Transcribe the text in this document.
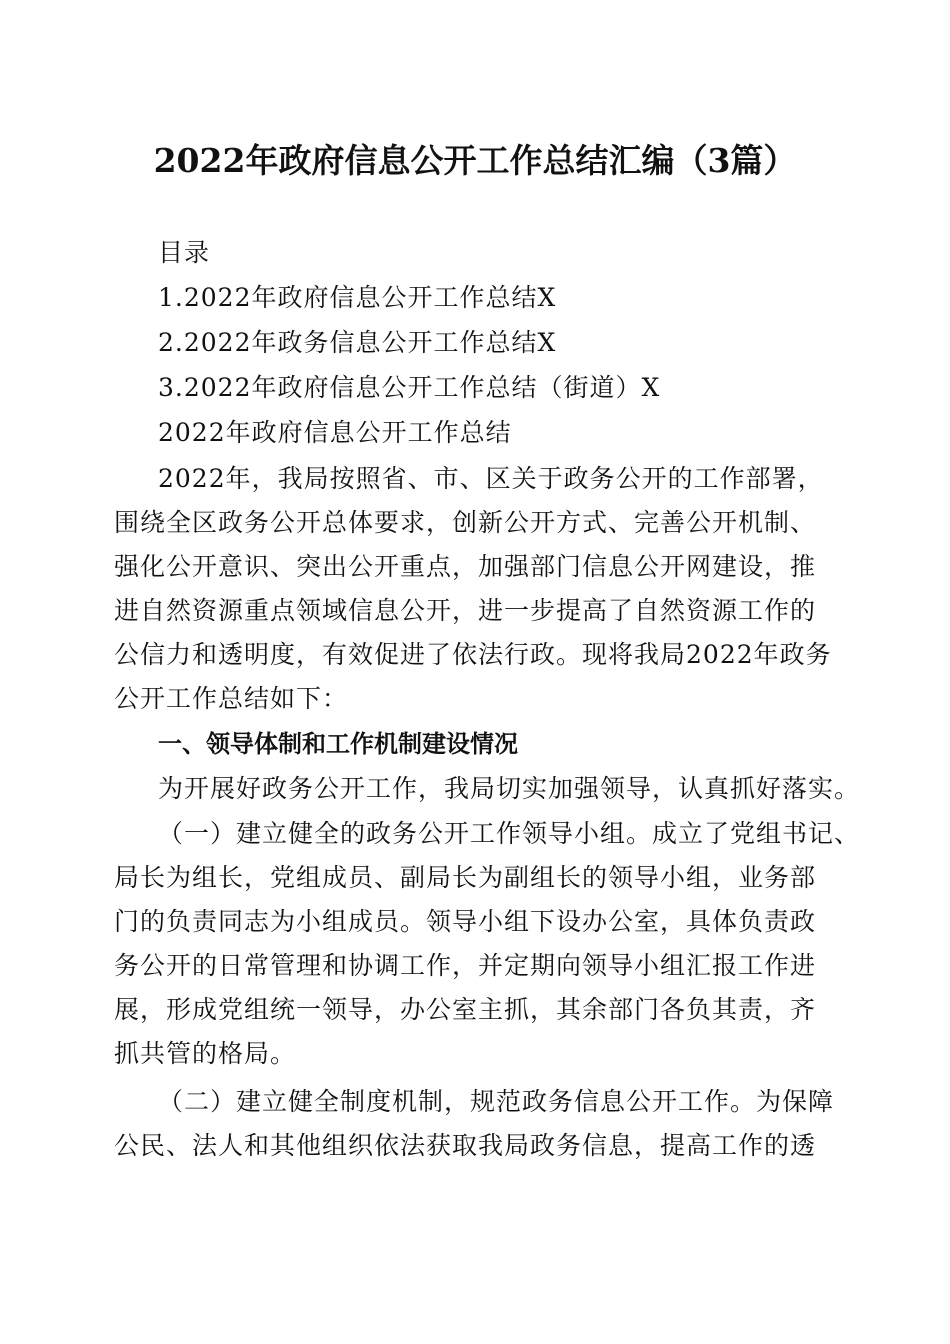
2022年政府信息公开工作总结汇编（3篇）
目录
1.2022年政府信息公开工作总结X
2.2022年政务信息公开工作总结X
3.2022年政府信息公开工作总结（街道）X
2022年政府信息公开工作总结
2022年，我局按照省、市、区关于政务公开的工作部署，
围绕全区政务公开总体要求，创新公开方式、完善公开机制、
强化公开意识、突出公开重点，加强部门信息公开网建设，推
进自然资源重点领域信息公开，进一步提高了自然资源工作的
公信力和透明度，有效促进了依法行政。现将我局2022年政务
公开工作总结如下：
一、领导体制和工作机制建设情况
为开展好政务公开工作，我局切实加强领导，认真抓好落实。
（一）建立健全的政务公开工作领导小组。成立了党组书记、
局长为组长，党组成员、副局长为副组长的领导小组，业务部
门的负责同志为小组成员。领导小组下设办公室，具体负责政
务公开的日常管理和协调工作，并定期向领导小组汇报工作进
展，形成党组统一领导，办公室主抓，其余部门各负其责，齐
抓共管的格局。
（二）建立健全制度机制，规范政务信息公开工作。为保障
公民、法人和其他组织依法获取我局政务信息，提高工作的透
